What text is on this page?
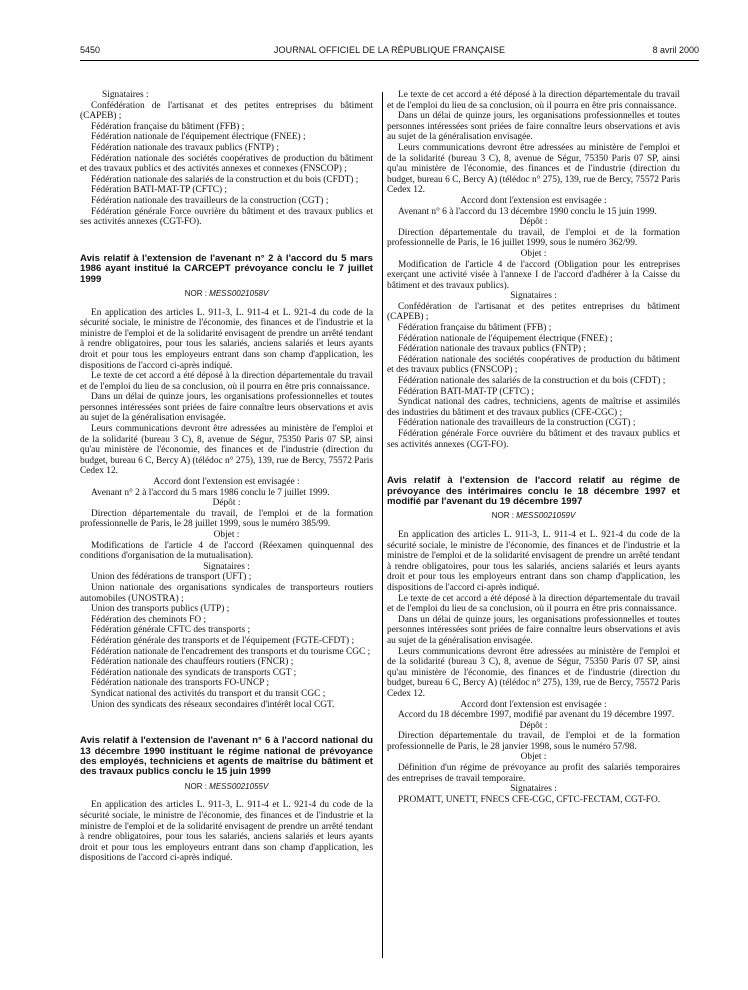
5450	JOURNAL OFFICIEL DE LA RÉPUBLIQUE FRANÇAISE	8 avril 2000

Signataires :

Confédération de l'artisanat et des petites entreprises du bâtiment (CAPEB) ;

Fédération française du bâtiment (FFB) ;

Fédération nationale de l'équipement électrique (FNEE) ;

Fédération nationale des travaux publics (FNTP) ;

Fédération nationale des sociétés coopératives de production du bâtiment et des travaux publics et des activités annexes et connexes (FNSCOP) ;

Fédération nationale des salariés de la construction et du bois (CFDT) ;

Fédération BATI-MAT-TP (CFTC) ;

Fédération nationale des travailleurs de la construction (CGT) ;

Fédération générale Force ouvrière du bâtiment et des travaux publics et ses activités annexes (CGT-FO).

Avis relatif à l'extension de l'avenant n° 2 à l'accord du 5 mars 1986 ayant institué la CARCEPT prévoyance conclu le 7 juillet 1999
NOR : MESS0021058V

En application des articles L. 911-3, L. 911-4 et L. 921-4 du code de la sécurité sociale, le ministre de l'économie, des finances et de l'industrie et la ministre de l'emploi et de la solidarité envisagent de prendre un arrêté tendant à rendre obligatoires, pour tous les salariés, anciens salariés et leurs ayants droit et pour tous les employeurs entrant dans son champ d'application, les dispositions de l'accord ci-après indiqué.

Le texte de cet accord a été déposé à la direction départementale du travail et de l'emploi du lieu de sa conclusion, où il pourra en être pris connaissance.

Dans un délai de quinze jours, les organisations professionnelles et toutes personnes intéressées sont priées de faire connaître leurs observations et avis au sujet de la généralisation envisagée.

Leurs communications devront être adressées au ministère de l'emploi et de la solidarité (bureau 3 C), 8, avenue de Ségur, 75350 Paris 07 SP, ainsi qu'au ministère de l'économie, des finances et de l'industrie (direction du budget, bureau 6 C, Bercy A) (télédoc n° 275), 139, rue de Bercy, 75572 Paris Cedex 12.

Accord dont l'extension est envisagée :

Avenant n° 2 à l'accord du 5 mars 1986 conclu le 7 juillet 1999.

Dépôt :

Direction départementale du travail, de l'emploi et de la formation professionnelle de Paris, le 28 juillet 1999, sous le numéro 385/99.

Objet :

Modifications de l'article 4 de l'accord (Réexamen quinquennal des conditions d'organisation de la mutualisation).

Signataires :

Union des fédérations de transport (UFT) ;

Union nationale des organisations syndicales de transporteurs routiers automobiles (UNOSTRA) ;

Union des transports publics (UTP) ;

Fédération des cheminots FO ;

Fédération générale CFTC des transports ;

Fédération générale des transports et de l'équipement (FGTE-CFDT) ;

Fédération nationale de l'encadrement des transports et du tourisme CGC ;

Fédération nationale des chauffeurs routiers (FNCR) ;

Fédération nationale des syndicats de transports CGT ;

Fédération nationale des transports FO-UNCP ;

Syndicat national des activités du transport et du transit CGC ;

Union des syndicats des réseaux secondaires d'intérêt local CGT.

Avis relatif à l'extension de l'avenant n° 6 à l'accord national du 13 décembre 1990 instituant le régime national de prévoyance des employés, techniciens et agents de maîtrise du bâtiment et des travaux publics conclu le 15 juin 1999
NOR : MESS0021055V

En application des articles L. 911-3, L. 911-4 et L. 921-4 du code de la sécurité sociale, le ministre de l'économie, des finances et de l'industrie et la ministre de l'emploi et de la solidarité envisagent de prendre un arrêté tendant à rendre obligatoires, pour tous les salariés, anciens salariés et leurs ayants droit et pour tous les employeurs entrant dans son champ d'application, les dispositions de l'accord ci-après indiqué.

Le texte de cet accord a été déposé à la direction départementale du travail et de l'emploi du lieu de sa conclusion, où il pourra en être pris connaissance.

Dans un délai de quinze jours, les organisations professionnelles et toutes personnes intéressées sont priées de faire connaître leurs observations et avis au sujet de la généralisation envisagée.

Leurs communications devront être adressées au ministère de l'emploi et de la solidarité (bureau 3 C), 8, avenue de Ségur, 75350 Paris 07 SP, ainsi qu'au ministère de l'économie, des finances et de l'industrie (direction du budget, bureau 6 C, Bercy A) (télédoc n° 275), 139, rue de Bercy, 75572 Paris Cedex 12.

Accord dont l'extension est envisagée :

Avenant n° 6 à l'accord du 13 décembre 1990 conclu le 15 juin 1999.

Dépôt :

Direction départementale du travail, de l'emploi et de la formation professionnelle de Paris, le 16 juillet 1999, sous le numéro 362/99.

Objet :

Modification de l'article 4 de l'accord (Obligation pour les entreprises exerçant une activité visée à l'annexe I de l'accord d'adhérer à la Caisse du bâtiment et des travaux publics).

Signataires :

Confédération de l'artisanat et des petites entreprises du bâtiment (CAPEB) ;

Fédération française du bâtiment (FFB) ;

Fédération nationale de l'équipement électrique (FNEE) ;

Fédération nationale des travaux publics (FNTP) ;

Fédération nationale des sociétés coopératives de production du bâtiment et des travaux publics (FNSCOP) ;

Fédération nationale des salariés de la construction et du bois (CFDT) ;

Fédération BATI-MAT-TP (CFTC) ;

Syndicat national des cadres, techniciens, agents de maîtrise et assimilés des industries du bâtiment et des travaux publics (CFE-CGC) ;

Fédération nationale des travailleurs de la construction (CGT) ;

Fédération générale Force ouvrière du bâtiment et des travaux publics et ses activités annexes (CGT-FO).

Avis relatif à l'extension de l'accord relatif au régime de prévoyance des intérimaires conclu le 18 décembre 1997 et modifié par l'avenant du 19 décembre 1997
NOR : MESS0021059V

En application des articles L. 911-3, L. 911-4 et L. 921-4 du code de la sécurité sociale, le ministre de l'économie, des finances et de l'industrie et la ministre de l'emploi et de la solidarité envisagent de prendre un arrêté tendant à rendre obligatoires, pour tous les salariés, anciens salariés et leurs ayants droit et pour tous les employeurs entrant dans son champ d'application, les dispositions de l'accord ci-après indiqué.

Le texte de cet accord a été déposé à la direction départementale du travail et de l'emploi du lieu de sa conclusion, où il pourra en être pris connaissance.

Dans un délai de quinze jours, les organisations professionnelles et toutes personnes intéressées sont priées de faire connaître leurs observations et avis au sujet de la généralisation envisagée.

Leurs communications devront être adressées au ministère de l'emploi et de la solidarité (bureau 3 C), 8, avenue de Ségur, 75350 Paris 07 SP, ainsi qu'au ministère de l'économie, des finances et de l'industrie (direction du budget, bureau 6 C, Bercy A) (télédoc n° 275), 139, rue de Bercy, 75572 Paris Cedex 12.

Accord dont l'extension est envisagée :

Accord du 18 décembre 1997, modifié par avenant du 19 décembre 1997.

Dépôt :

Direction départementale du travail, de l'emploi et de la formation professionnelle de Paris, le 28 janvier 1998, sous le numéro 57/98.

Objet :

Définition d'un régime de prévoyance au profit des salariés temporaires des entreprises de travail temporaire.

Signataires :

PROMATT, UNETT, FNECS CFE-CGC, CFTC-FECTAM, CGT-FO.
